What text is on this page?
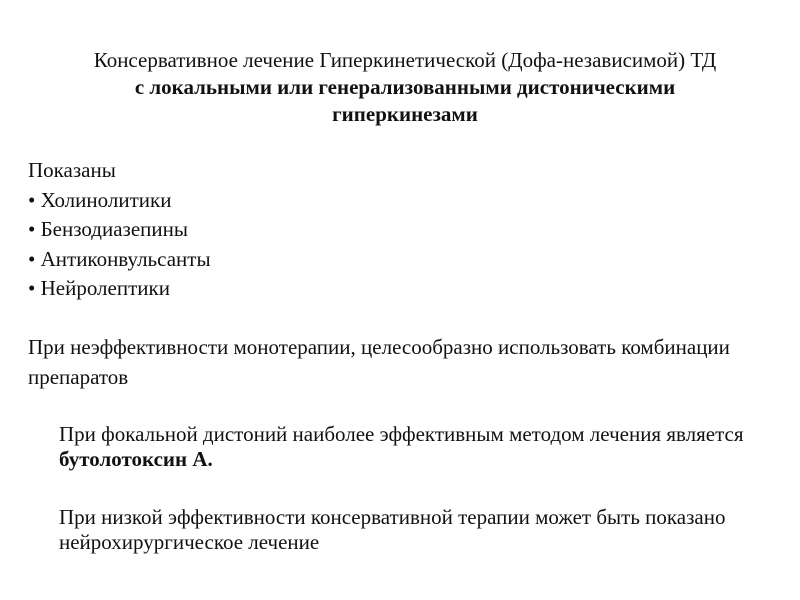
Консервативное лечение Гиперкинетической (Дофа-независимой) ТД
с локальными или генерализованными дистоническими гиперкинезами
Показаны
• Холинолитики
• Бензодиазепины
• Антиконвульсанты
• Нейролептики
При неэффективности монотерапии, целесообразно использовать комбинации препаратов
При фокальной дистоний наиболее эффективным методом лечения является бутолотоксин А.
При низкой эффективности консервативной терапии может быть показано нейрохирургическое лечение
